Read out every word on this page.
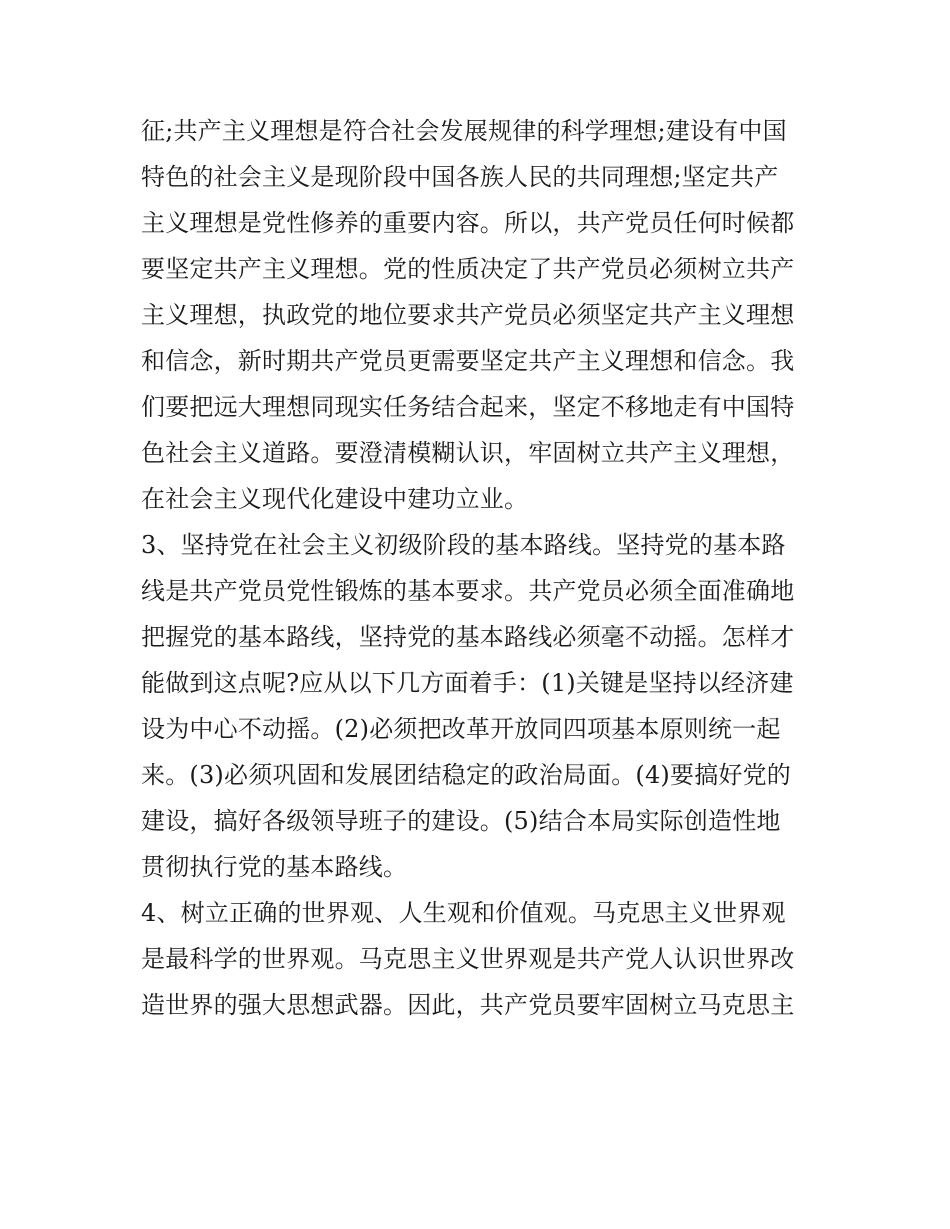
征;共产主义理想是符合社会发展规律的科学理想;建设有中国
特色的社会主义是现阶段中国各族人民的共同理想;坚定共产
主义理想是党性修养的重要内容。所以，共产党员任何时候都
要坚定共产主义理想。党的性质决定了共产党员必须树立共产
主义理想，执政党的地位要求共产党员必须坚定共产主义理想
和信念，新时期共产党员更需要坚定共产主义理想和信念。我
们要把远大理想同现实任务结合起来，坚定不移地走有中国特
色社会主义道路。要澄清模糊认识，牢固树立共产主义理想，
在社会主义现代化建设中建功立业。
3、坚持党在社会主义初级阶段的基本路线。坚持党的基本路
线是共产党员党性锻炼的基本要求。共产党员必须全面准确地
把握党的基本路线，坚持党的基本路线必须毫不动摇。怎样才
能做到这点呢?应从以下几方面着手：(1)关键是坚持以经济建
设为中心不动摇。(2)必须把改革开放同四项基本原则统一起
来。(3)必须巩固和发展团结稳定的政治局面。(4)要搞好党的
建设，搞好各级领导班子的建设。(5)结合本局实际创造性地
贯彻执行党的基本路线。
4、树立正确的世界观、人生观和价值观。马克思主义世界观
是最科学的世界观。马克思主义世界观是共产党人认识世界改
造世界的强大思想武器。因此，共产党员要牢固树立马克思主
